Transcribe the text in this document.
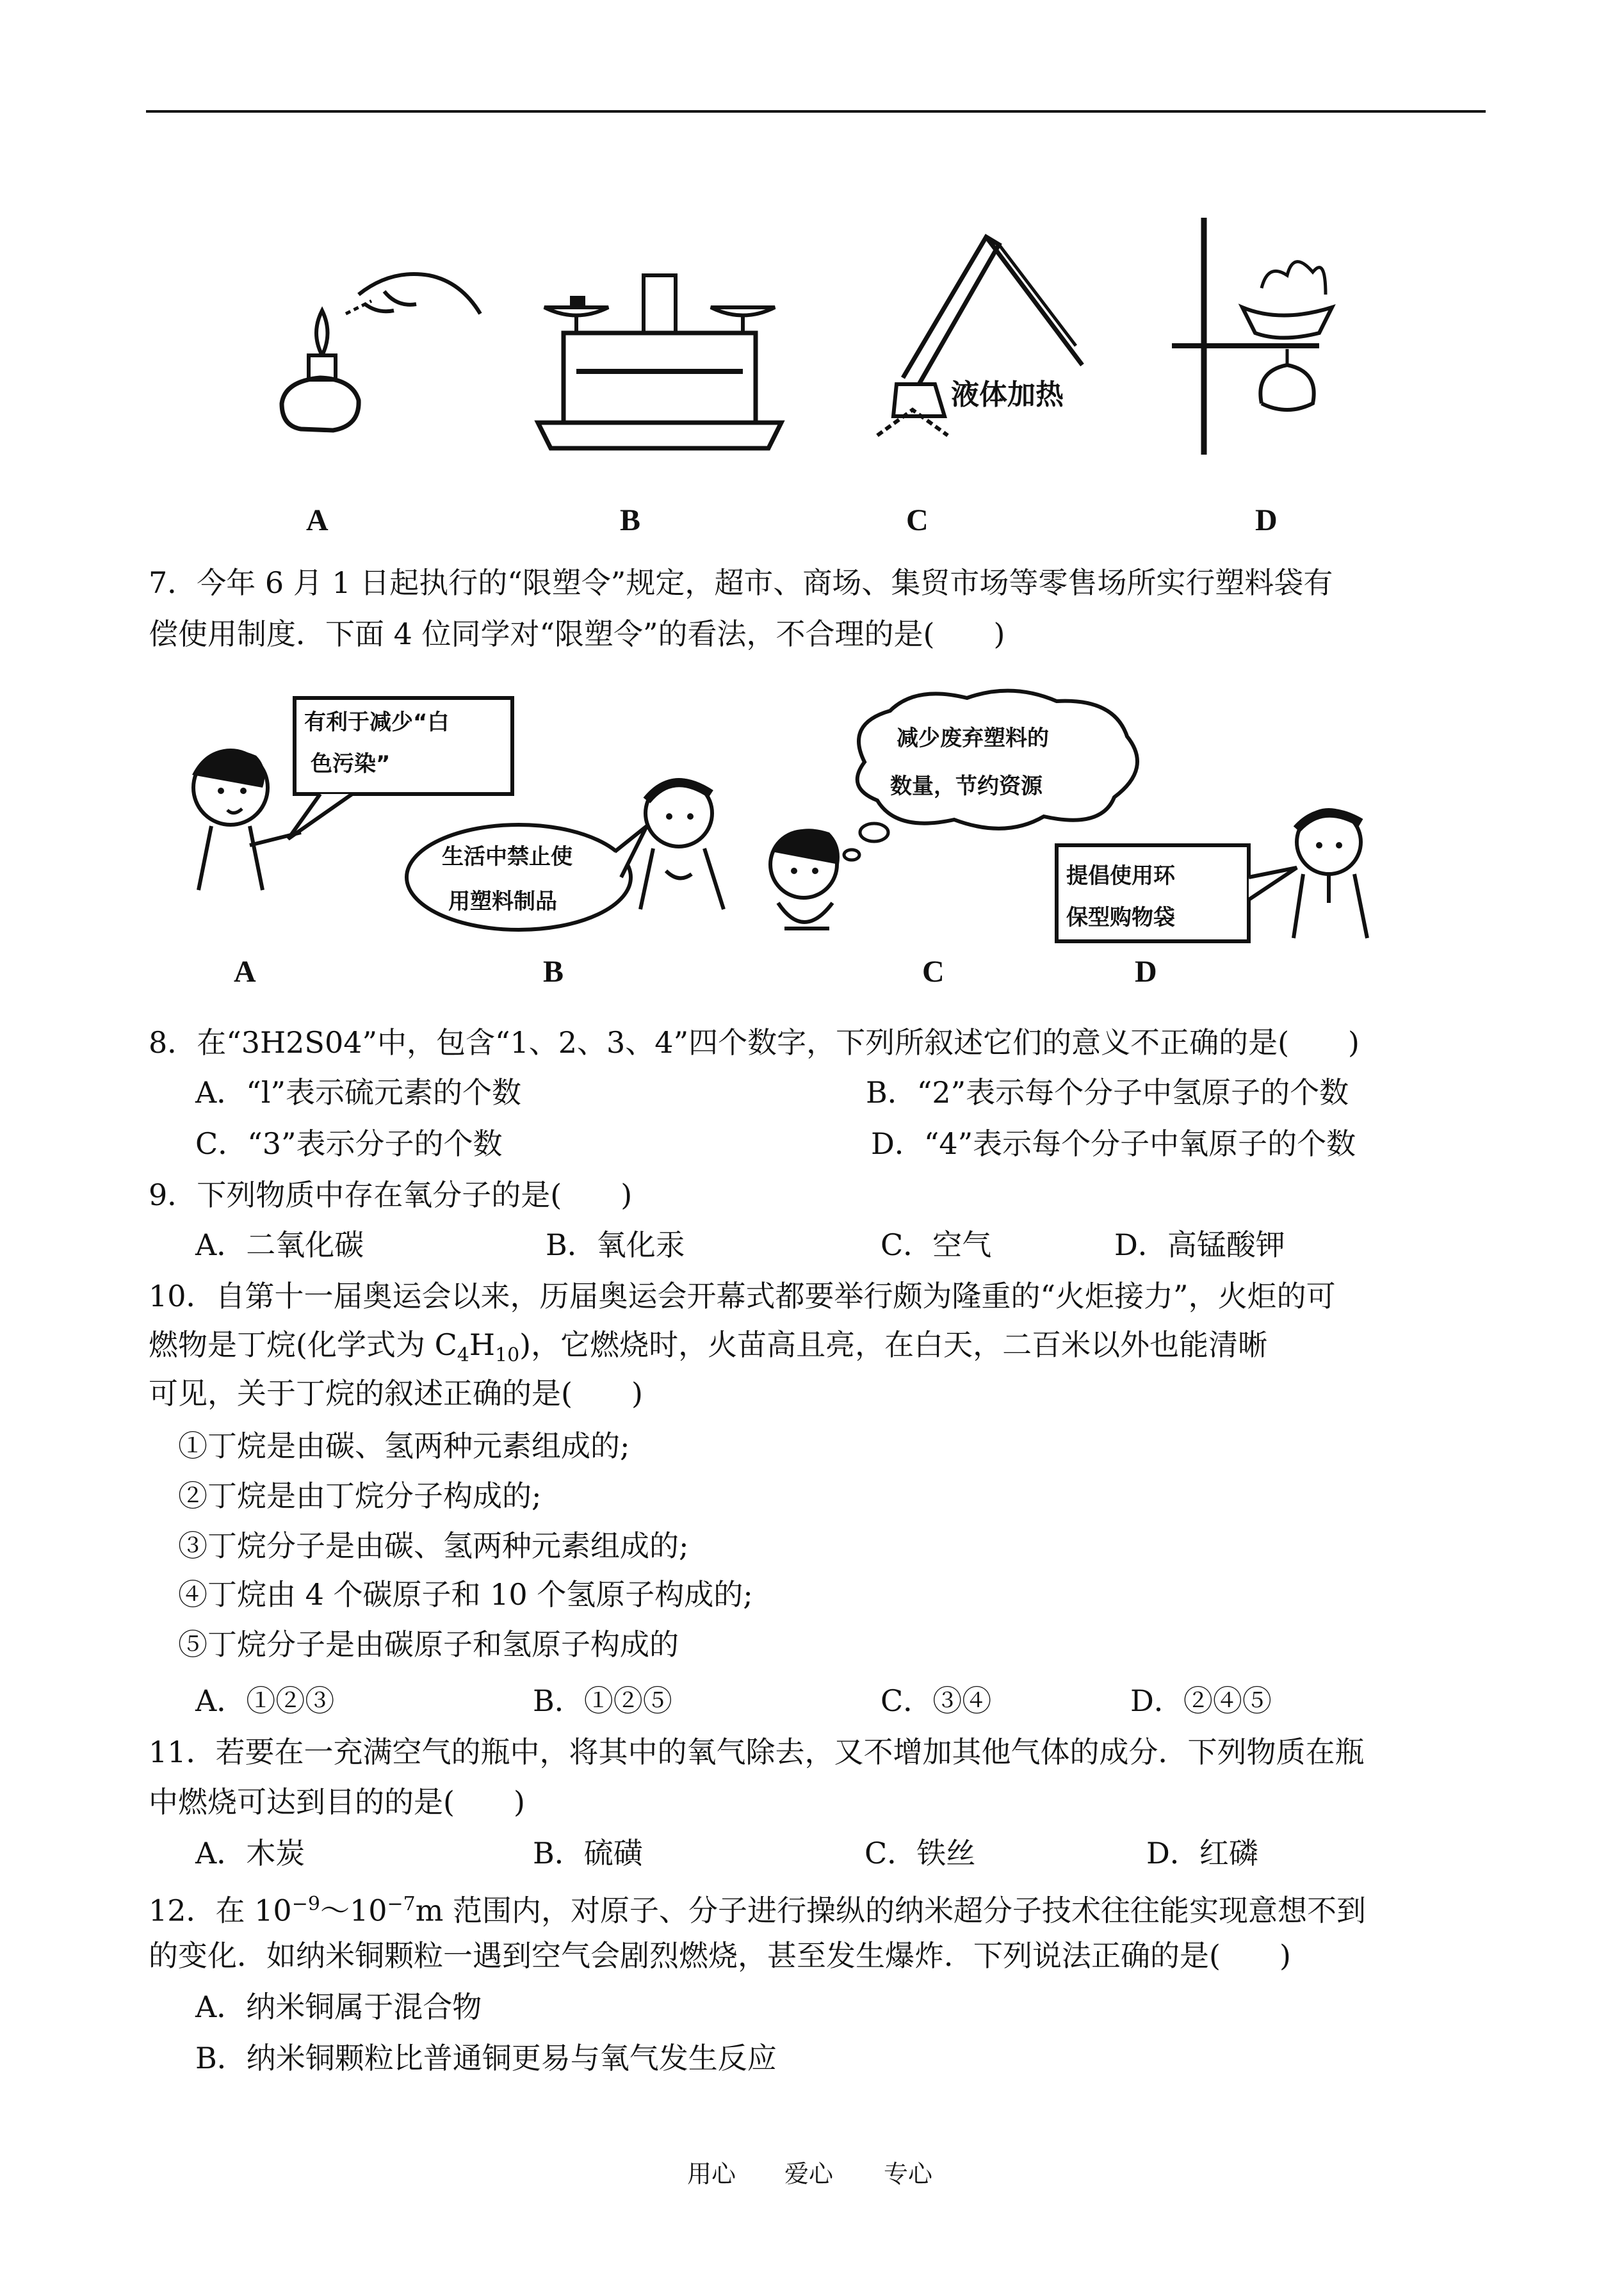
A	B
液体加热
C	D
7．今年 6 月 1 日起执行的“限塑令”规定，超市、商场、集贸市场等零售场所实行塑料袋有
偿使用制度．下面 4 位同学对“限塑令”的看法，不合理的是(　　)
有利于减少“白
色污染”
生活中禁止使
用塑料制品
减少废弃塑料的
数量，节约资源
提倡使用环
保型购物袋
A	B	C	D
8．在“3H2S04”中，包含“1、2、3、4”四个数字，下列所叙述它们的意义不正确的是(　　)
A．“l”表示硫元素的个数	B．“2”表示每个分子中氢原子的个数
C．“3”表示分子的个数	D．“4”表示每个分子中氧原子的个数
9．下列物质中存在氧分子的是(　　)
A．二氧化碳	B．氧化汞	C．空气	D．高锰酸钾
10．自第十一届奥运会以来，历届奥运会开幕式都要举行颇为隆重的“火炬接力”，火炬的可
燃物是丁烷(化学式为 $C_4H_{10}$)，它燃烧时，火苗高且亮，在白天，二百米以外也能清晰
可见，关于丁烷的叙述正确的是(　　)
①丁烷是由碳、氢两种元素组成的;
②丁烷是由丁烷分子构成的;
③丁烷分子是由碳、氢两种元素组成的;
④丁烷由 4 个碳原子和 10 个氢原子构成的;
⑤丁烷分子是由碳原子和氢原子构成的
A．①②③	B．①②⑤	C．③④	D．②④⑤
11．若要在一充满空气的瓶中，将其中的氧气除去，又不增加其他气体的成分．下列物质在瓶
中燃烧可达到目的的是(　　)
A．木炭	B．硫磺	C．铁丝	D．红磷
12．在 $10^{-9}\sim 10^{-7}m$ 范围内，对原子、分子进行操纵的纳米超分子技术往往能实现意想不到
的变化．如纳米铜颗粒一遇到空气会剧烈燃烧，甚至发生爆炸．下列说法正确的是(　　)
A．纳米铜属于混合物
B．纳米铜颗粒比普通铜更易与氧气发生反应
用心 爱心 专心
